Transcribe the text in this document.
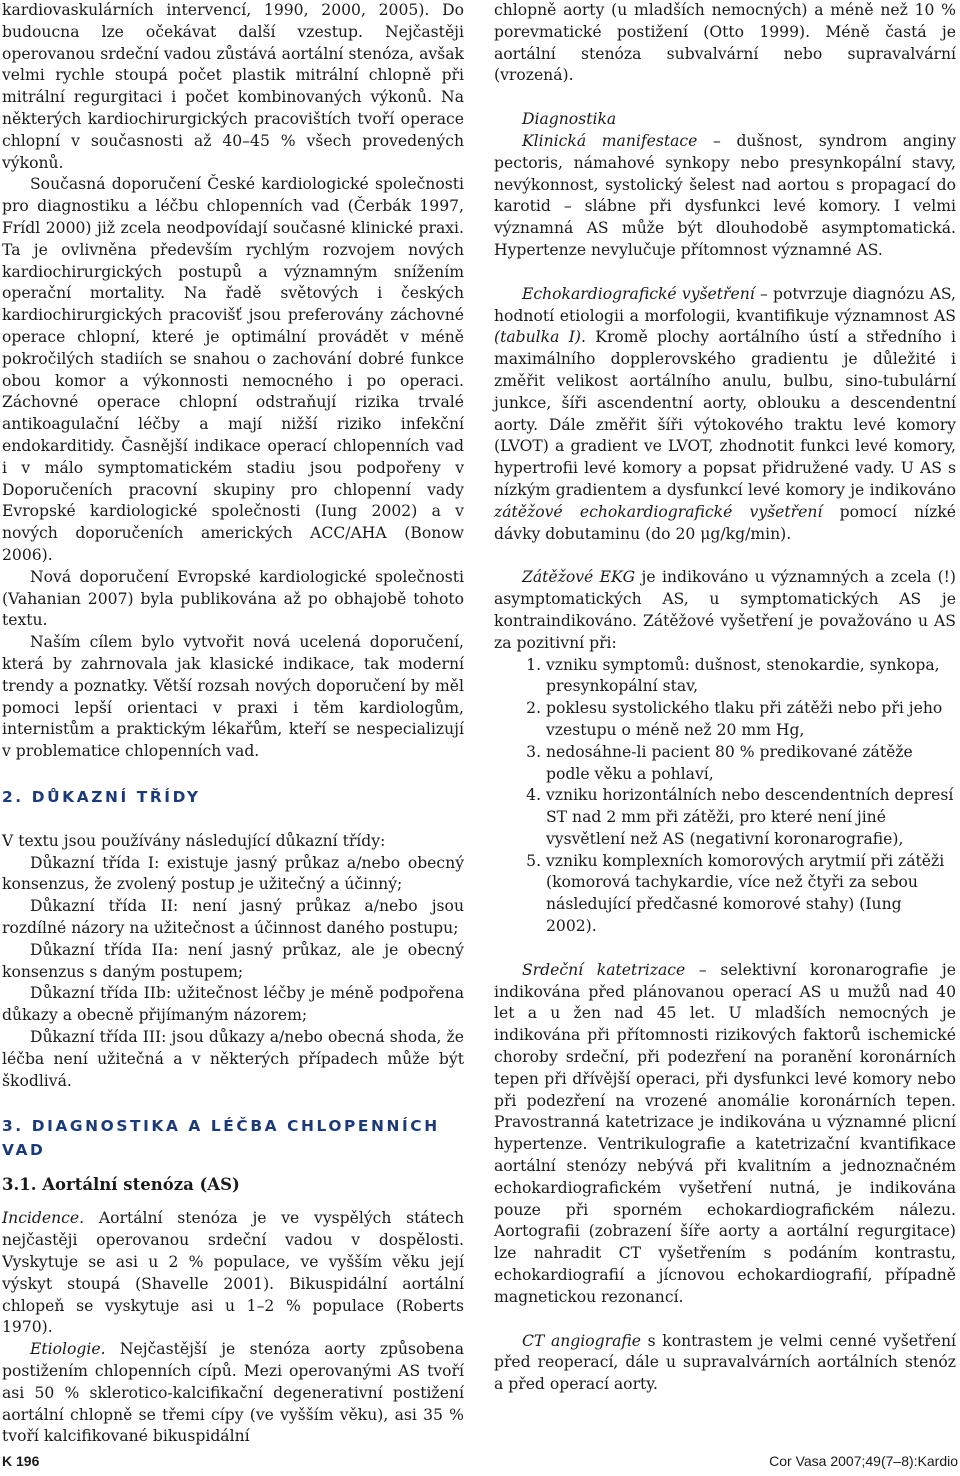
kardiovaskulárních intervencí, 1990, 2000, 2005). Do budoucna lze očekávat další vzestup. Nejčastěji operovanou srdeční vadou zůstává aortální stenóza, avšak velmi rychle stoupá počet plastik mitrální chlopně při mitrální regurgitaci i počet kombinovaných výkonů. Na některých kardiochirurgických pracovištích tvoří operace chlopní v současnosti až 40–45 % všech provedených výkonů.

Současná doporučení České kardiologické společnosti pro diagnostiku a léčbu chlopenních vad (Čerbák 1997, Frídl 2000) již zcela neodpovídají současné klinické praxi. Ta je ovlivněna především rychlým rozvojem nových kardiochirurgických postupů a významným snížením operační mortality. Na řadě světových i českých kardiochirurgických pracovišť jsou preferovány záchovné operace chlopní, které je optimální provádět v méně pokročilých stadiích se snahou o zachování dobré funkce obou komor a výkonnosti nemocného i po operaci. Záchovné operace chlopní odstraňují rizika trvalé antikoagulační léčby a mají nižší riziko infekční endokarditidy. Časnější indikace operací chlopenních vad i v málo symptomatickém stadiu jsou podpořeny v Doporučeních pracovní skupiny pro chlopenní vady Evropské kardiologické společnosti (Iung 2002) a v nových doporučeních amerických ACC/AHA (Bonow 2006).

Nová doporučení Evropské kardiologické společnosti (Vahanian 2007) byla publikována až po obhajobě tohoto textu.

Naším cílem bylo vytvořit nová ucelená doporučení, která by zahrnovala jak klasické indikace, tak moderní trendy a poznatky. Větší rozsah nových doporučení by měl pomoci lepší orientaci v praxi i těm kardiologům, internistům a praktickým lékařům, kteří se nespecializují v problematice chlopenních vad.

2. DŮKAZNÍ TŘÍDY

V textu jsou používány následující důkazní třídy:

Důkazní třída I: existuje jasný průkaz a/nebo obecný konsenzus, že zvolený postup je užitečný a účinný;

Důkazní třída II: není jasný průkaz a/nebo jsou rozdílné názory na užitečnost a účinnost daného postupu;

Důkazní třída IIa: není jasný průkaz, ale je obecný konsenzus s daným postupem;

Důkazní třída IIb: užitečnost léčby je méně podpořena důkazy a obecně přijímaným názorem;

Důkazní třída III: jsou důkazy a/nebo obecná shoda, že léčba není užitečná a v některých případech může být škodlivá.

3. DIAGNOSTIKA A LÉČBA CHLOPENNÍCH VAD
3.1. Aortální stenóza (AS)

Incidence. Aortální stenóza je ve vyspělých státech nejčastěji operovanou srdeční vadou v dospělosti. Vyskytuje se asi u 2 % populace, ve vyšším věku její výskyt stoupá (Shavelle 2001). Bikuspidální aortální chlopeň se vyskytuje asi u 1–2 % populace (Roberts 1970).

Etiologie. Nejčastější je stenóza aorty způsobena postižením chlopenních cípů. Mezi operovanými AS tvoří asi 50 % sklerotico-kalcifikační degenerativní postižení aortální chlopně se třemi cípy (ve vyšším věku), asi 35 % tvoří kalcifikované bikuspidální

chlopně aorty (u mladších nemocných) a méně než 10 % porevmatické postižení (Otto 1999). Méně častá je aortální stenóza subvalvární nebo supravalvární (vrozená).

Diagnostika

Klinická manifestace – dušnost, syndrom anginy pectoris, námahové synkopy nebo presynkopální stavy, nevýkonnost, systolický šelest nad aortou s propagací do karotid – slábne při dysfunkci levé komory. I velmi významná AS může být dlouhodobě asymptomatická. Hypertenze nevylučuje přítomnost významné AS.

Echokardiografické vyšetření – potvrzuje diagnózu AS, hodnotí etiologii a morfologii, kvantifikuje významnost AS (tabulka I). Kromě plochy aortálního ústí a středního i maximálního dopplerovského gradientu je důležité i změřit velikost aortálního anulu, bulbu, sino-tubulární junkce, šíři ascendentní aorty, oblouku a descendentní aorty. Dále změřit šíři výtokového traktu levé komory (LVOT) a gradient ve LVOT, zhodnotit funkci levé komory, hypertrofii levé komory a popsat přidružené vady. U AS s nízkým gradientem a dysfunkcí levé komory je indikováno zátěžové echokardiografické vyšetření pomocí nízké dávky dobutaminu (do 20 μg/kg/min).

Zátěžové EKG je indikováno u významných a zcela (!) asymptomatických AS, u symptomatických AS je kontraindikováno. Zátěžové vyšetření je považováno u AS za pozitivní při:

1. vzniku symptomů: dušnost, stenokardie, synkopa, presynkopální stav,
2. poklesu systolického tlaku při zátěži nebo při jeho vzestupu o méně než 20 mm Hg,
3. nedosáhne-li pacient 80 % predikované zátěže podle věku a pohlaví,
4. vzniku horizontálních nebo descendentních depresí ST nad 2 mm při zátěži, pro které není jiné vysvětlení než AS (negativní koronarografie),
5. vzniku komplexních komorových arytmií při zátěži (komorová tachykardie, více než čtyři za sebou následující předčasné komorové stahy) (Iung 2002).

Srdeční katetrizace – selektivní koronarografie je indikována před plánovanou operací AS u mužů nad 40 let a u žen nad 45 let. U mladších nemocných je indikována při přítomnosti rizikových faktorů ischemické choroby srdeční, při podezření na poranění koronárních tepen při dřívější operaci, při dysfunkci levé komory nebo při podezření na vrozené anomálie koronárních tepen. Pravostranná katetrizace je indikována u významné plicní hypertenze. Ventrikulografie a katetrizační kvantifikace aortální stenózy nebývá při kvalitním a jednoznačném echokardiografickém vyšetření nutná, je indikována pouze při sporném echokardiografickém nálezu. Aortografii (zobrazení šíře aorty a aortální regurgitace) lze nahradit CT vyšetřením s podáním kontrastu, echokardiografií a jícnovou echokardiografií, případně magnetickou rezonancí.

CT angiografie s kontrastem je velmi cenné vyšetření před reoperací, dále u supravalvárních aortálních stenóz a před operací aorty.

K 196	Cor Vasa 2007;49(7–8):Kardio
